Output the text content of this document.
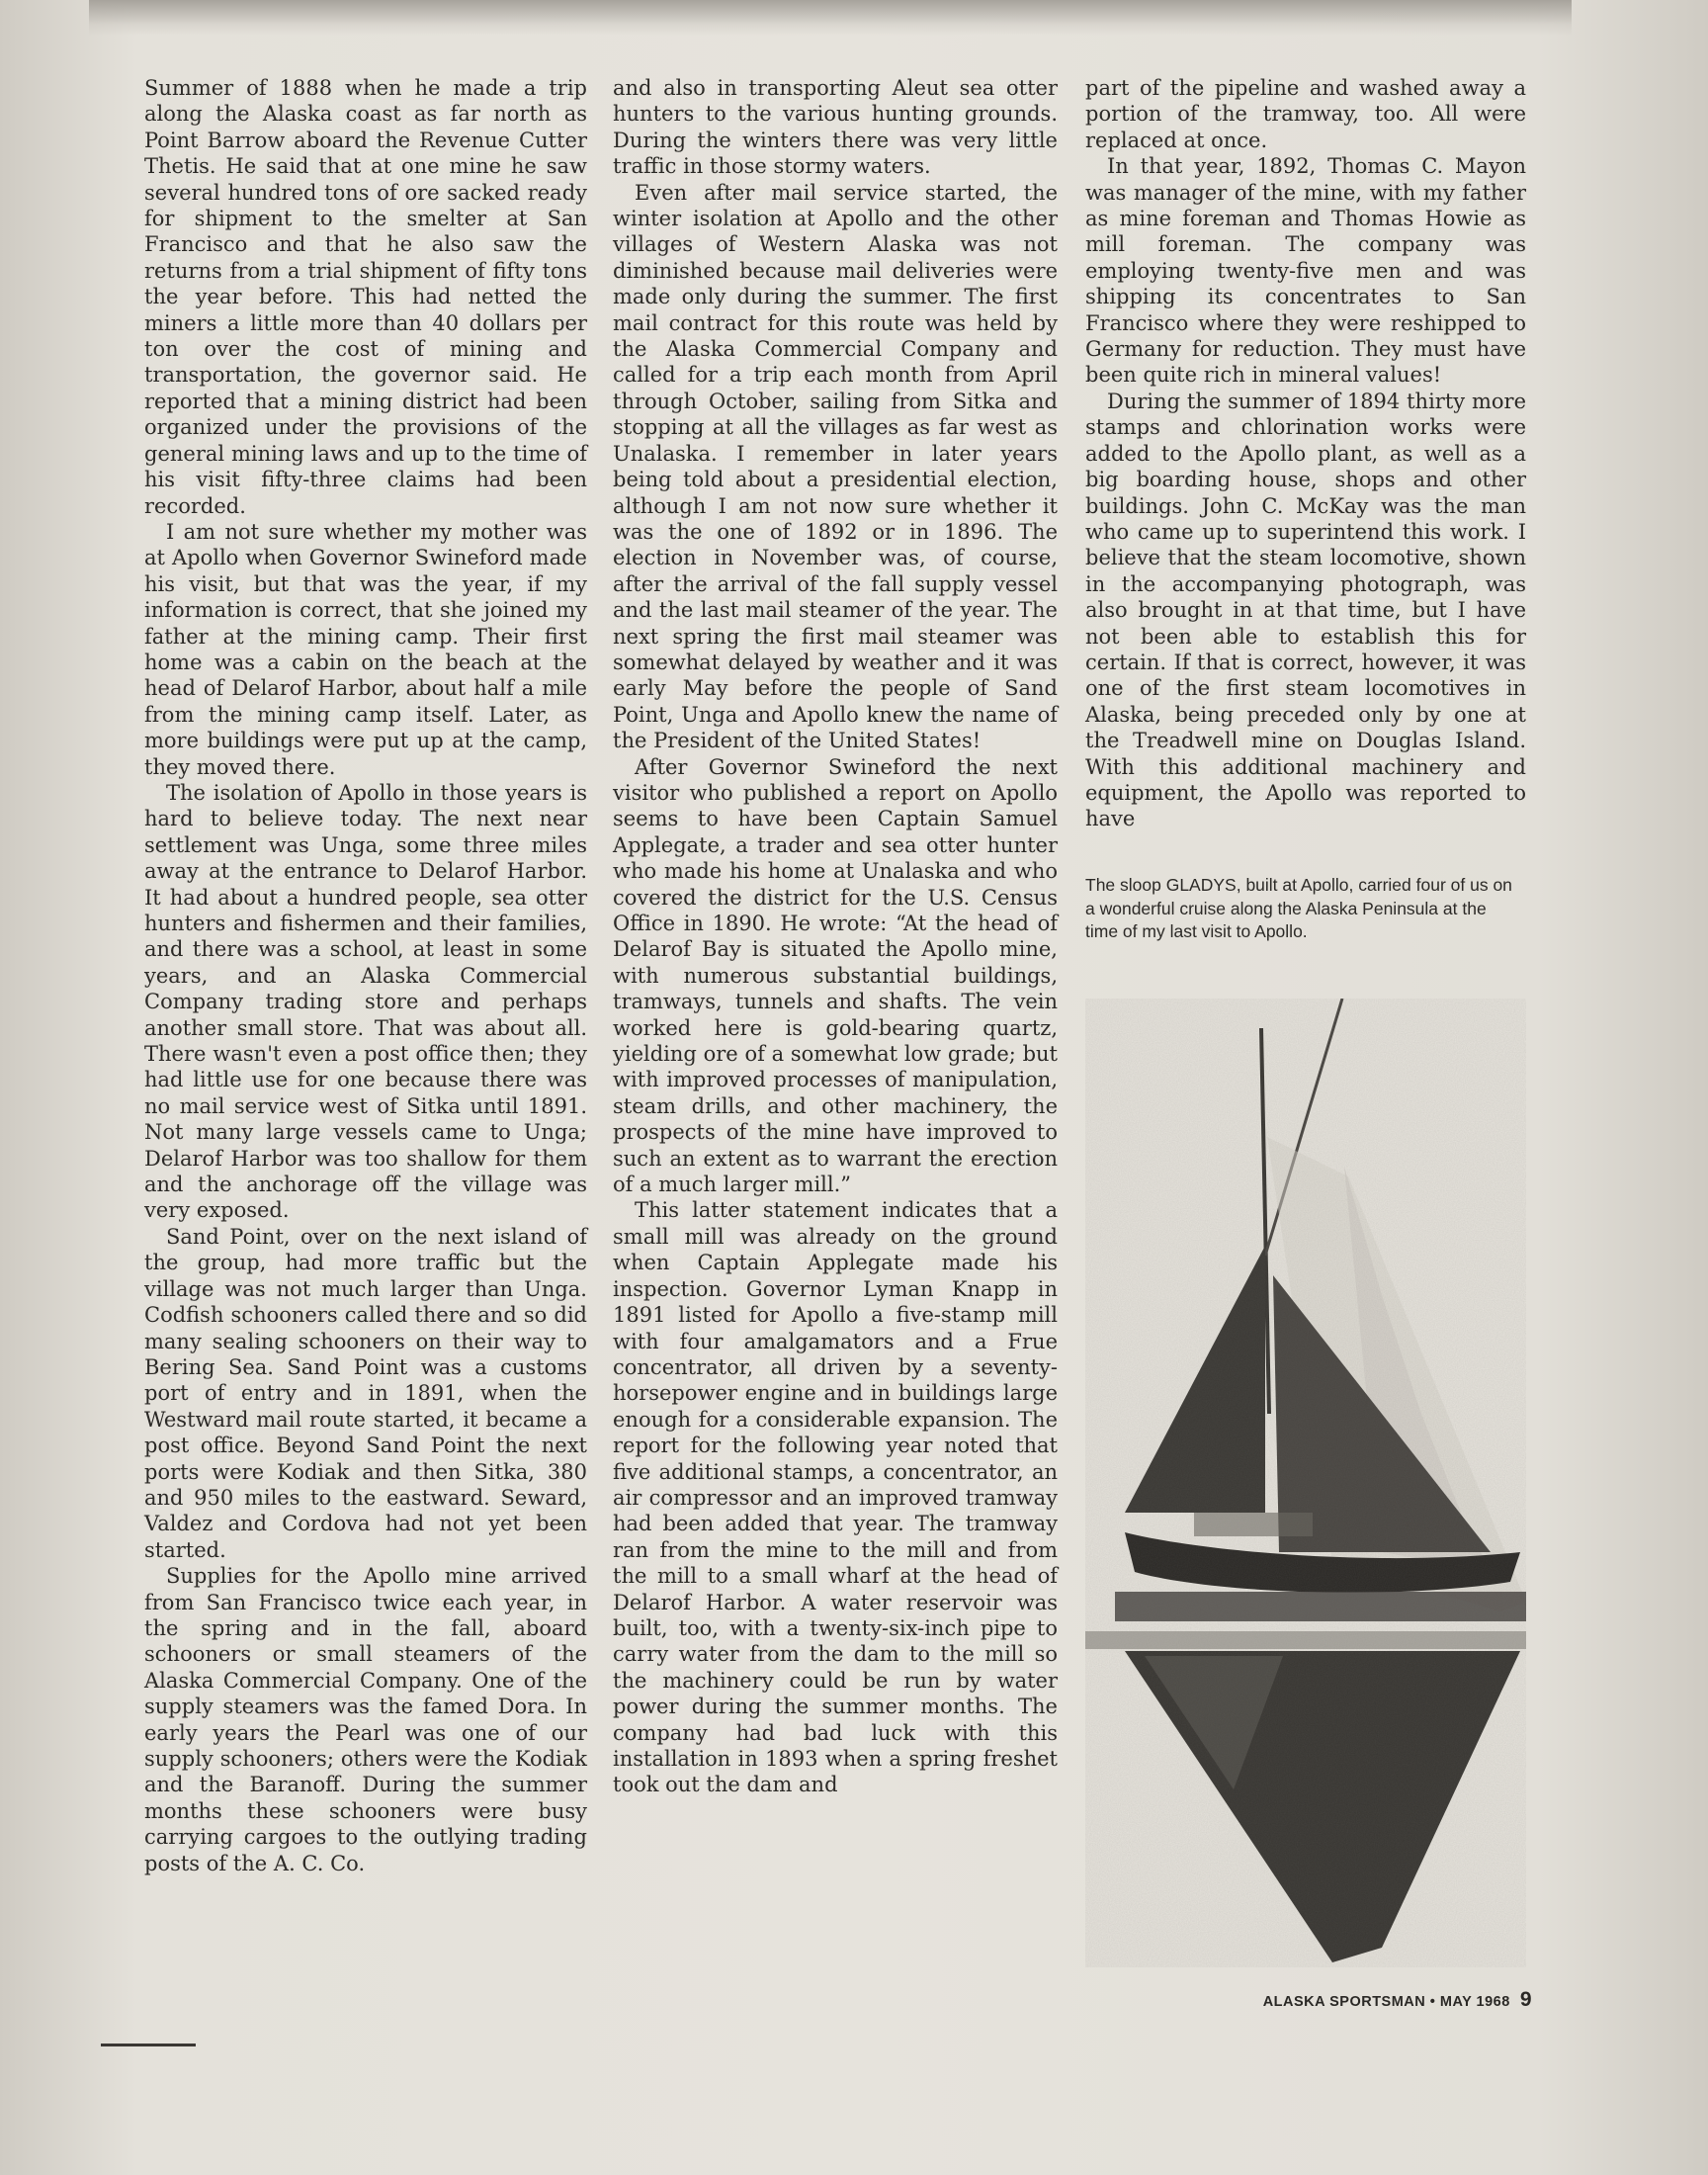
Summer of 1888 when he made a trip along the Alaska coast as far north as Point Barrow aboard the Revenue Cutter Thetis. He said that at one mine he saw several hundred tons of ore sacked ready for shipment to the smelter at San Francisco and that he also saw the returns from a trial shipment of fifty tons the year before. This had netted the miners a little more than 40 dollars per ton over the cost of mining and transportation, the governor said. He reported that a mining district had been organized under the provisions of the general mining laws and up to the time of his visit fifty-three claims had been recorded.

I am not sure whether my mother was at Apollo when Governor Swineford made his visit, but that was the year, if my information is correct, that she joined my father at the mining camp. Their first home was a cabin on the beach at the head of Delarof Harbor, about half a mile from the mining camp itself. Later, as more buildings were put up at the camp, they moved there.

The isolation of Apollo in those years is hard to believe today. The next near settlement was Unga, some three miles away at the entrance to Delarof Harbor. It had about a hundred people, sea otter hunters and fishermen and their families, and there was a school, at least in some years, and an Alaska Commercial Company trading store and perhaps another small store. That was about all. There wasn't even a post office then; they had little use for one because there was no mail service west of Sitka until 1891. Not many large vessels came to Unga; Delarof Harbor was too shallow for them and the anchorage off the village was very exposed.

Sand Point, over on the next island of the group, had more traffic but the village was not much larger than Unga. Codfish schooners called there and so did many sealing schooners on their way to Bering Sea. Sand Point was a customs port of entry and in 1891, when the Westward mail route started, it became a post office. Beyond Sand Point the next ports were Kodiak and then Sitka, 380 and 950 miles to the eastward. Seward, Valdez and Cordova had not yet been started.

Supplies for the Apollo mine arrived from San Francisco twice each year, in the spring and in the fall, aboard schooners or small steamers of the Alaska Commercial Company. One of the supply steamers was the famed Dora. In early years the Pearl was one of our supply schooners; others were the Kodiak and the Baranoff. During the summer months these schooners were busy carrying cargoes to the outlying trading posts of the A. C. Co.

and also in transporting Aleut sea otter hunters to the various hunting grounds. During the winters there was very little traffic in those stormy waters.

Even after mail service started, the winter isolation at Apollo and the other villages of Western Alaska was not diminished because mail deliveries were made only during the summer. The first mail contract for this route was held by the Alaska Commercial Company and called for a trip each month from April through October, sailing from Sitka and stopping at all the villages as far west as Unalaska. I remember in later years being told about a presidential election, although I am not now sure whether it was the one of 1892 or in 1896. The election in November was, of course, after the arrival of the fall supply vessel and the last mail steamer of the year. The next spring the first mail steamer was somewhat delayed by weather and it was early May before the people of Sand Point, Unga and Apollo knew the name of the President of the United States!

After Governor Swineford the next visitor who published a report on Apollo seems to have been Captain Samuel Applegate, a trader and sea otter hunter who made his home at Unalaska and who covered the district for the U.S. Census Office in 1890. He wrote: “At the head of Delarof Bay is situated the Apollo mine, with numerous substantial buildings, tramways, tunnels and shafts. The vein worked here is gold-bearing quartz, yielding ore of a somewhat low grade; but with improved processes of manipulation, steam drills, and other machinery, the prospects of the mine have improved to such an extent as to warrant the erection of a much larger mill.”

This latter statement indicates that a small mill was already on the ground when Captain Applegate made his inspection. Governor Lyman Knapp in 1891 listed for Apollo a five-stamp mill with four amalgamators and a Frue concentrator, all driven by a seventy-horsepower engine and in buildings large enough for a considerable expansion. The report for the following year noted that five additional stamps, a concentrator, an air compressor and an improved tramway had been added that year. The tramway ran from the mine to the mill and from the mill to a small wharf at the head of Delarof Harbor. A water reservoir was built, too, with a twenty-six-inch pipe to carry water from the dam to the mill so the machinery could be run by water power during the summer months. The company had bad luck with this installation in 1893 when a spring freshet took out the dam and

part of the pipeline and washed away a portion of the tramway, too. All were replaced at once.

In that year, 1892, Thomas C. Mayon was manager of the mine, with my father as mine foreman and Thomas Howie as mill foreman. The company was employing twenty-five men and was shipping its concentrates to San Francisco where they were reshipped to Germany for reduction. They must have been quite rich in mineral values!

During the summer of 1894 thirty more stamps and chlorination works were added to the Apollo plant, as well as a big boarding house, shops and other buildings. John C. McKay was the man who came up to superintend this work. I believe that the steam locomotive, shown in the accompanying photograph, was also brought in at that time, but I have not been able to establish this for certain. If that is correct, however, it was one of the first steam locomotives in Alaska, being preceded only by one at the Treadwell mine on Douglas Island. With this additional machinery and equipment, the Apollo was reported to have

The sloop GLADYS, built at Apollo, carried four of us on a wonderful cruise along the Alaska Peninsula at the time of my last visit to Apollo.
ALASKA SPORTSMAN • MAY 1968 9
